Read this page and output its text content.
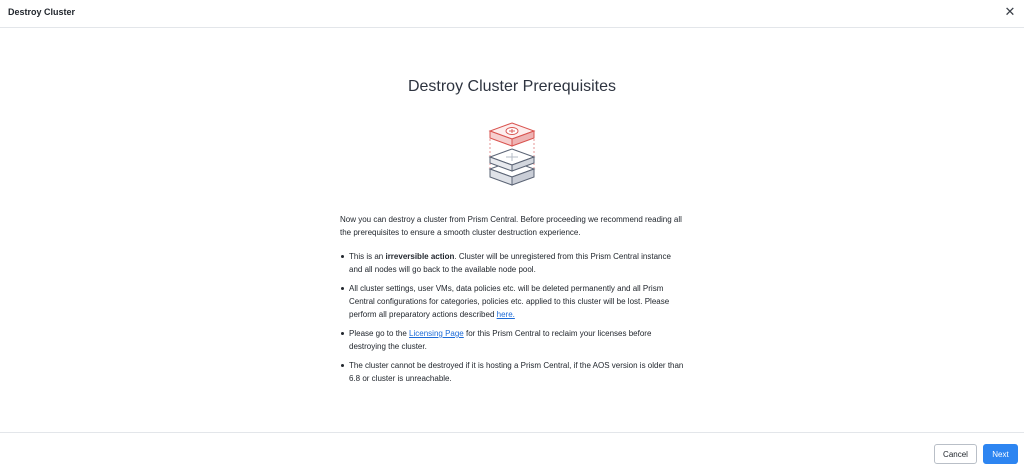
Destroy Cluster	✕
Destroy Cluster Prerequisites

Now you can destroy a cluster from Prism Central. Before proceeding we recommend reading all the prerequisites to ensure a smooth cluster destruction experience.

This is an irreversible action. Cluster will be unregistered from this Prism Central instance and all nodes will go back to the available node pool.
All cluster settings, user VMs, data policies etc. will be deleted permanently and all Prism Central configurations for categories, policies etc. applied to this cluster will be lost. Please perform all preparatory actions described here.
Please go to the Licensing Page for this Prism Central to reclaim your licenses before destroying the cluster.
The cluster cannot be destroyed if it is hosting a Prism Central, if the AOS version is older than 6.8 or cluster is unreachable.
Cancel	Next
